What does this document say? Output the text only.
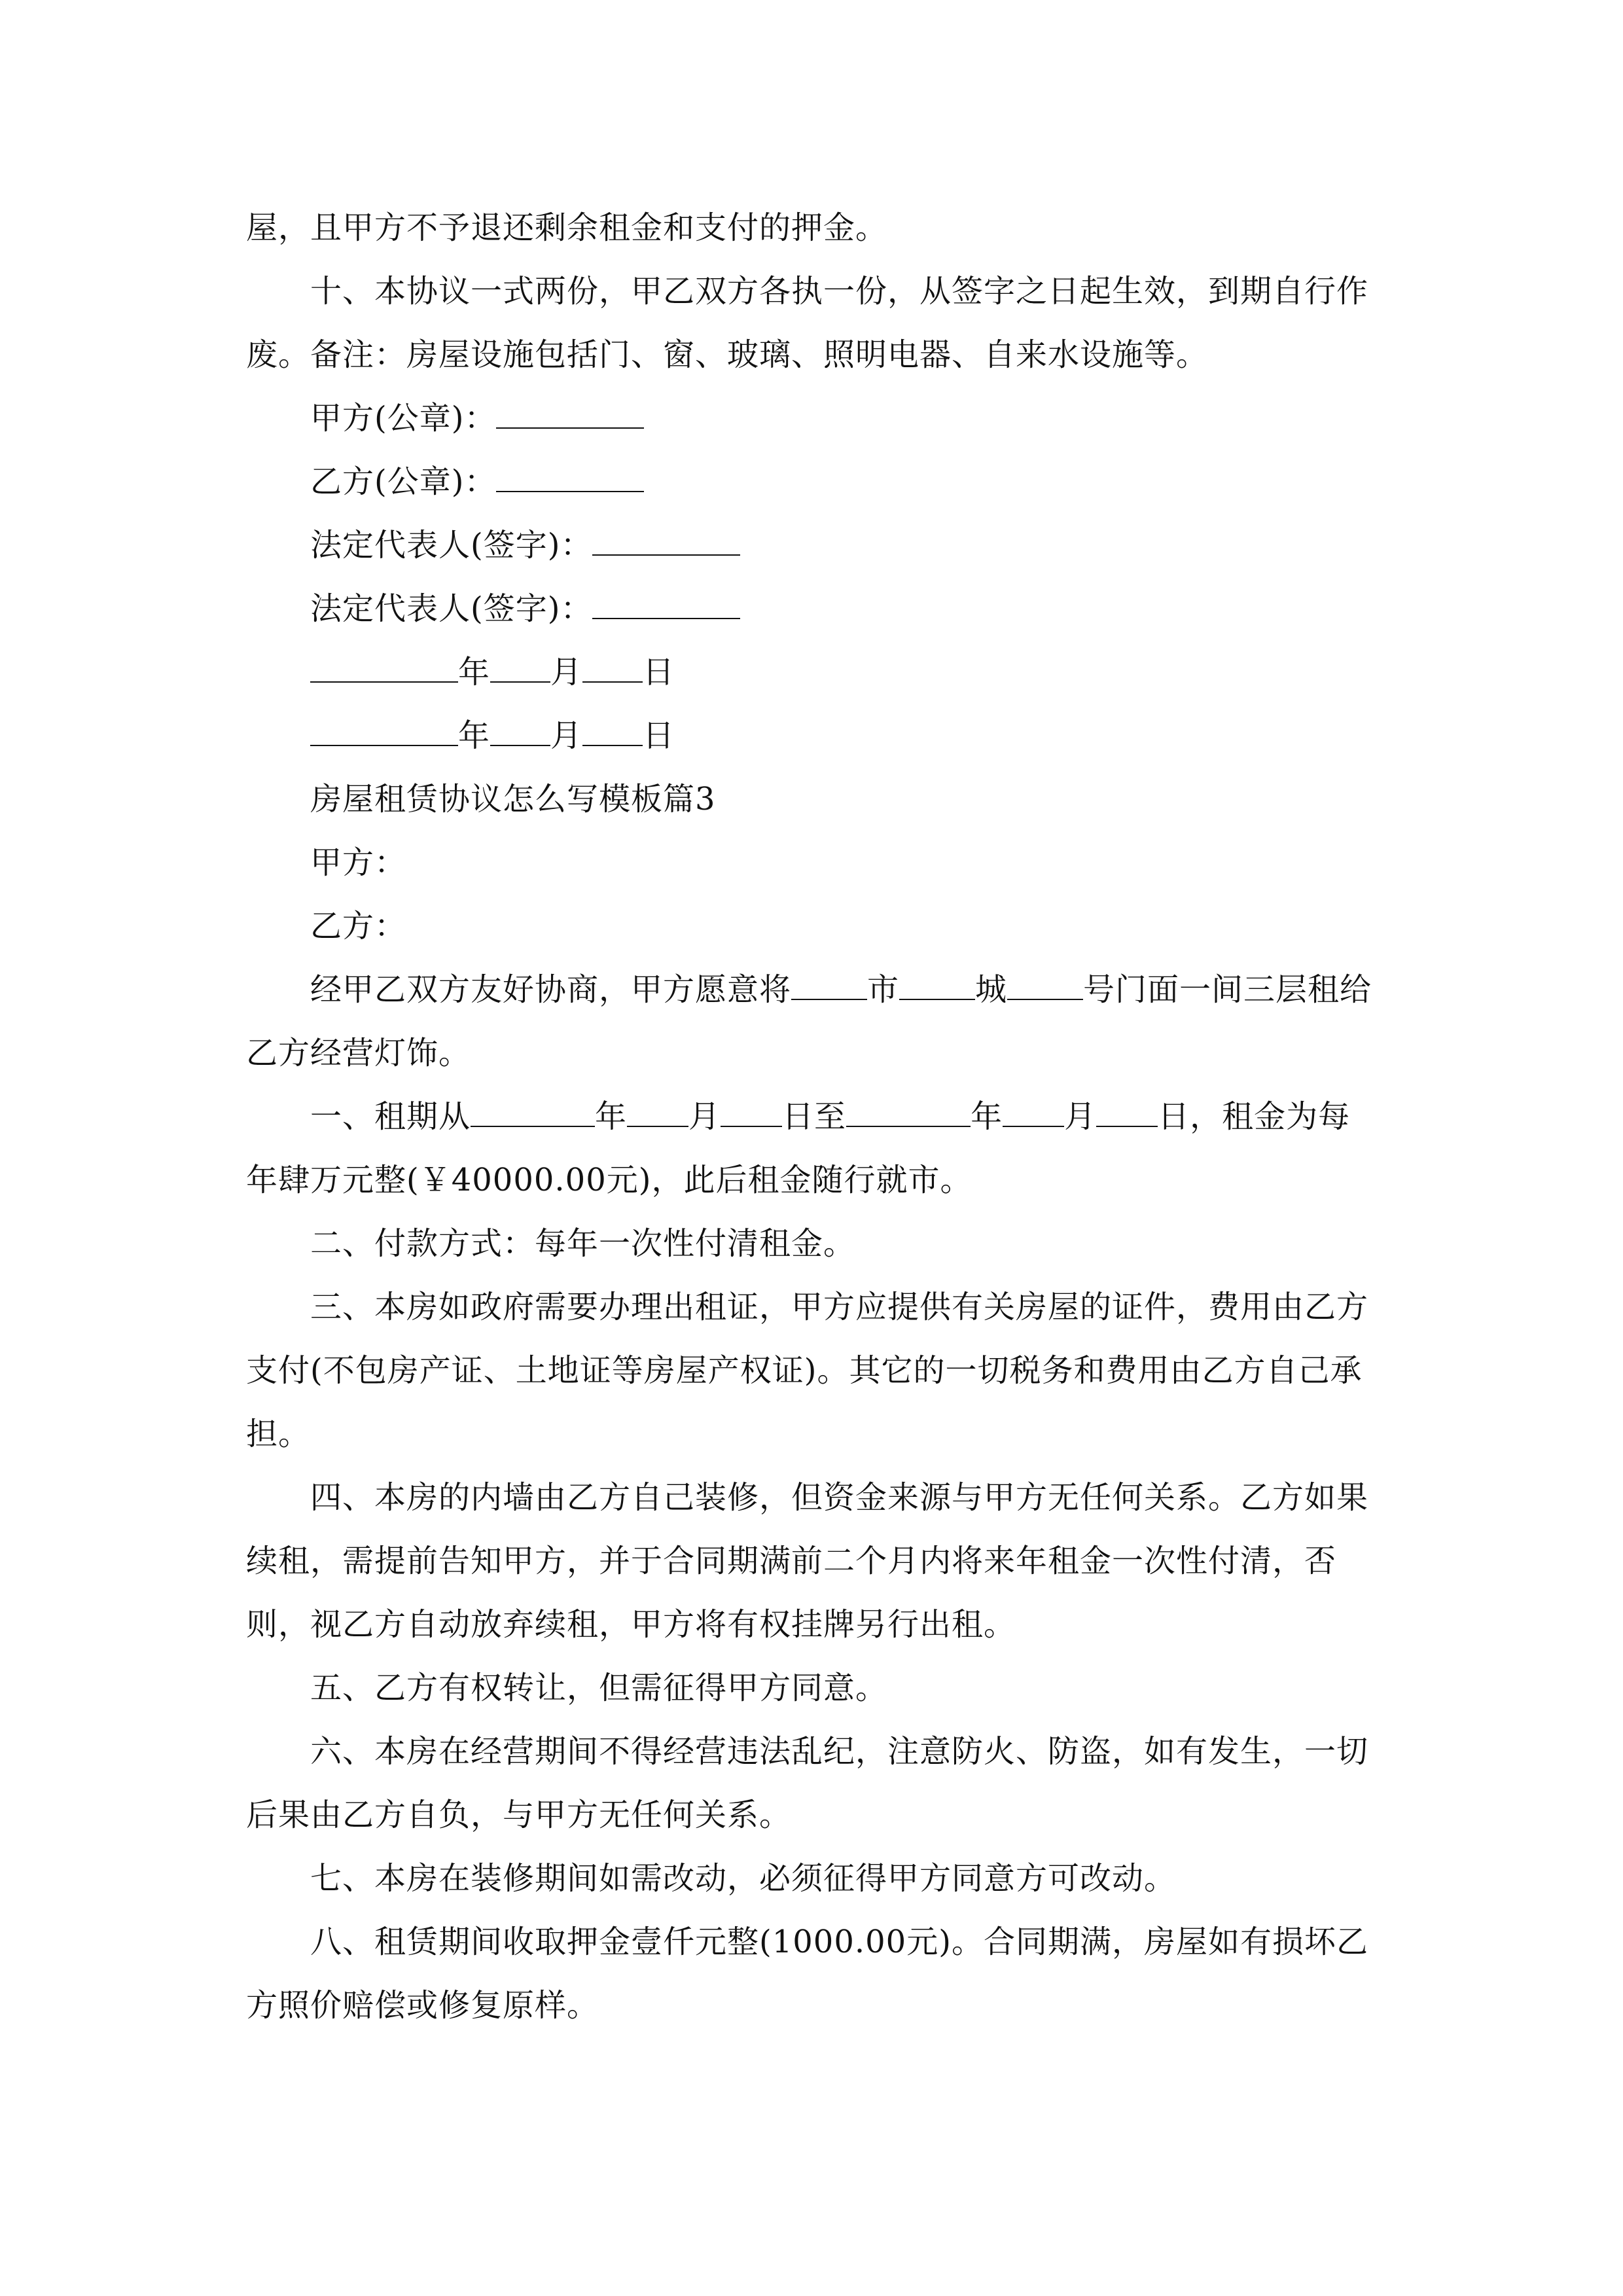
屋，且甲方不予退还剩余租金和支付的押金。

十、本协议一式两份，甲乙双方各执一份，从签字之日起生效，到期自行作废。备注：房屋设施包括门、窗、玻璃、照明电器、自来水设施等。

甲方(公章)：

乙方(公章)：

法定代表人(签字)：

法定代表人(签字)：

年 月 日

年 月 日

房屋租赁协议怎么写模板篇3

甲方：

乙方：

经甲乙双方友好协商，甲方愿意将 市 城 号门面一间三层租给乙方经营灯饰。

一、租期从	年 月 日至	年 月 日，租金为每年肆万元整(￥40000.00元)，此后租金随行就市。

二、付款方式：每年一次性付清租金。

三、本房如政府需要办理出租证，甲方应提供有关房屋的证件，费用由乙方支付(不包房产证、土地证等房屋产权证)。其它的一切税务和费用由乙方自己承担。

四、本房的内墙由乙方自己装修，但资金来源与甲方无任何关系。乙方如果续租，需提前告知甲方，并于合同期满前二个月内将来年租金一次性付清，否则，视乙方自动放弃续租，甲方将有权挂牌另行出租。

五、乙方有权转让，但需征得甲方同意。

六、本房在经营期间不得经营违法乱纪，注意防火、防盗，如有发生，一切后果由乙方自负，与甲方无任何关系。

七、本房在装修期间如需改动，必须征得甲方同意方可改动。

八、租赁期间收取押金壹仟元整(1000.00元)。合同期满，房屋如有损坏乙方照价赔偿或修复原样。
